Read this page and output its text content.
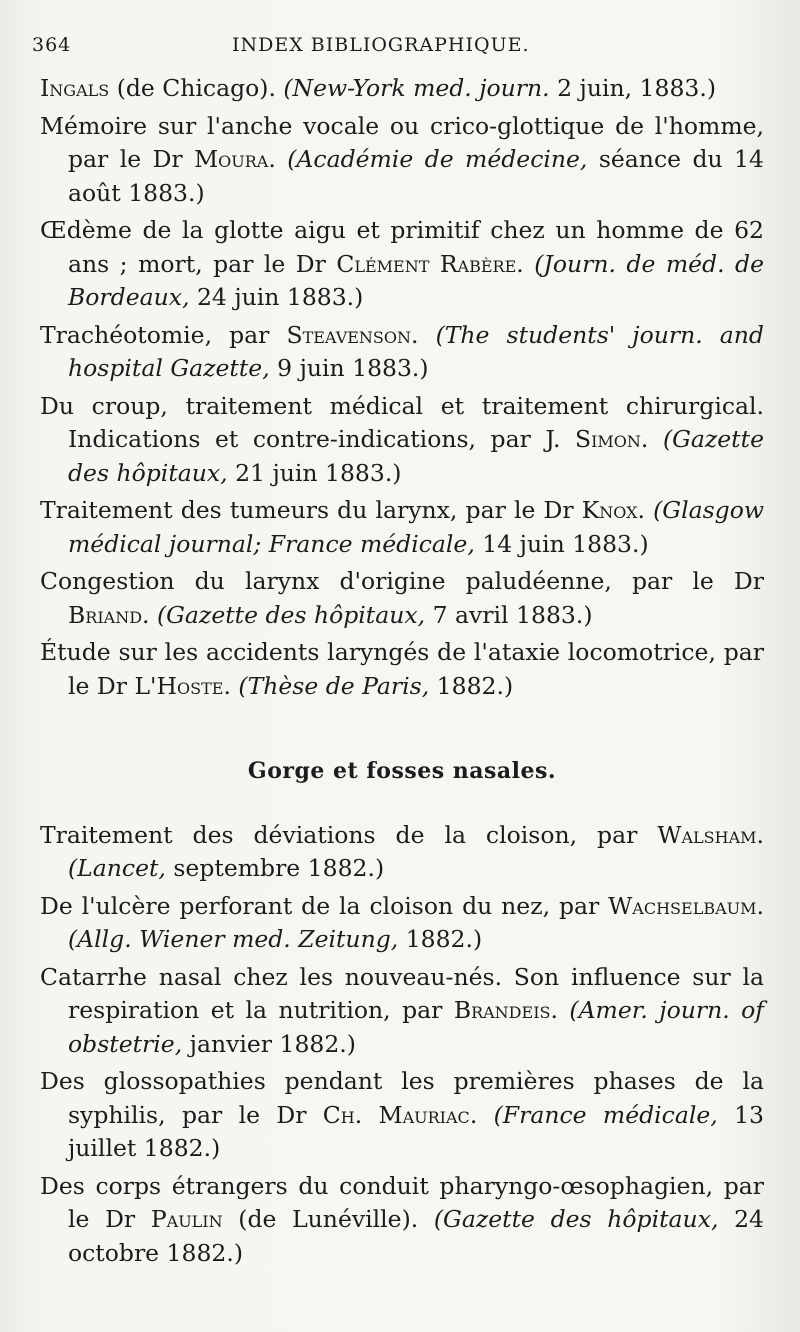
364	INDEX BIBLIOGRAPHIQUE.

Ingals (de Chicago). (New-York med. journ. 2 juin, 1883.)

Mémoire sur l'anche vocale ou crico-glottique de l'homme, par le Dr Moura. (Académie de médecine, séance du 14 août 1883.)

Œdème de la glotte aigu et primitif chez un homme de 62 ans ; mort, par le Dr Clément Rabère. (Journ. de méd. de Bordeaux, 24 juin 1883.)

Trachéotomie, par Steavenson. (The students' journ. and hospital Gazette, 9 juin 1883.)

Du croup, traitement médical et traitement chirurgical. Indications et contre-indications, par J. Simon. (Gazette des hôpitaux, 21 juin 1883.)

Traitement des tumeurs du larynx, par le Dr Knox. (Glasgow médical journal; France médicale, 14 juin 1883.)

Congestion du larynx d'origine paludéenne, par le Dr Briand. (Gazette des hôpitaux, 7 avril 1883.)

Étude sur les accidents laryngés de l'ataxie locomotrice, par le Dr L'Hoste. (Thèse de Paris, 1882.)

Gorge et fosses nasales.

Traitement des déviations de la cloison, par Walsham. (Lancet, septembre 1882.)

De l'ulcère perforant de la cloison du nez, par Wachselbaum. (Allg. Wiener med. Zeitung, 1882.)

Catarrhe nasal chez les nouveau-nés. Son influence sur la respiration et la nutrition, par Brandeis. (Amer. journ. of obstetrie, janvier 1882.)

Des glossopathies pendant les premières phases de la syphilis, par le Dr Ch. Mauriac. (France médicale, 13 juillet 1882.)

Des corps étrangers du conduit pharyngo-œsophagien, par le Dr Paulin (de Lunéville). (Gazette des hôpitaux, 24 octobre 1882.)
